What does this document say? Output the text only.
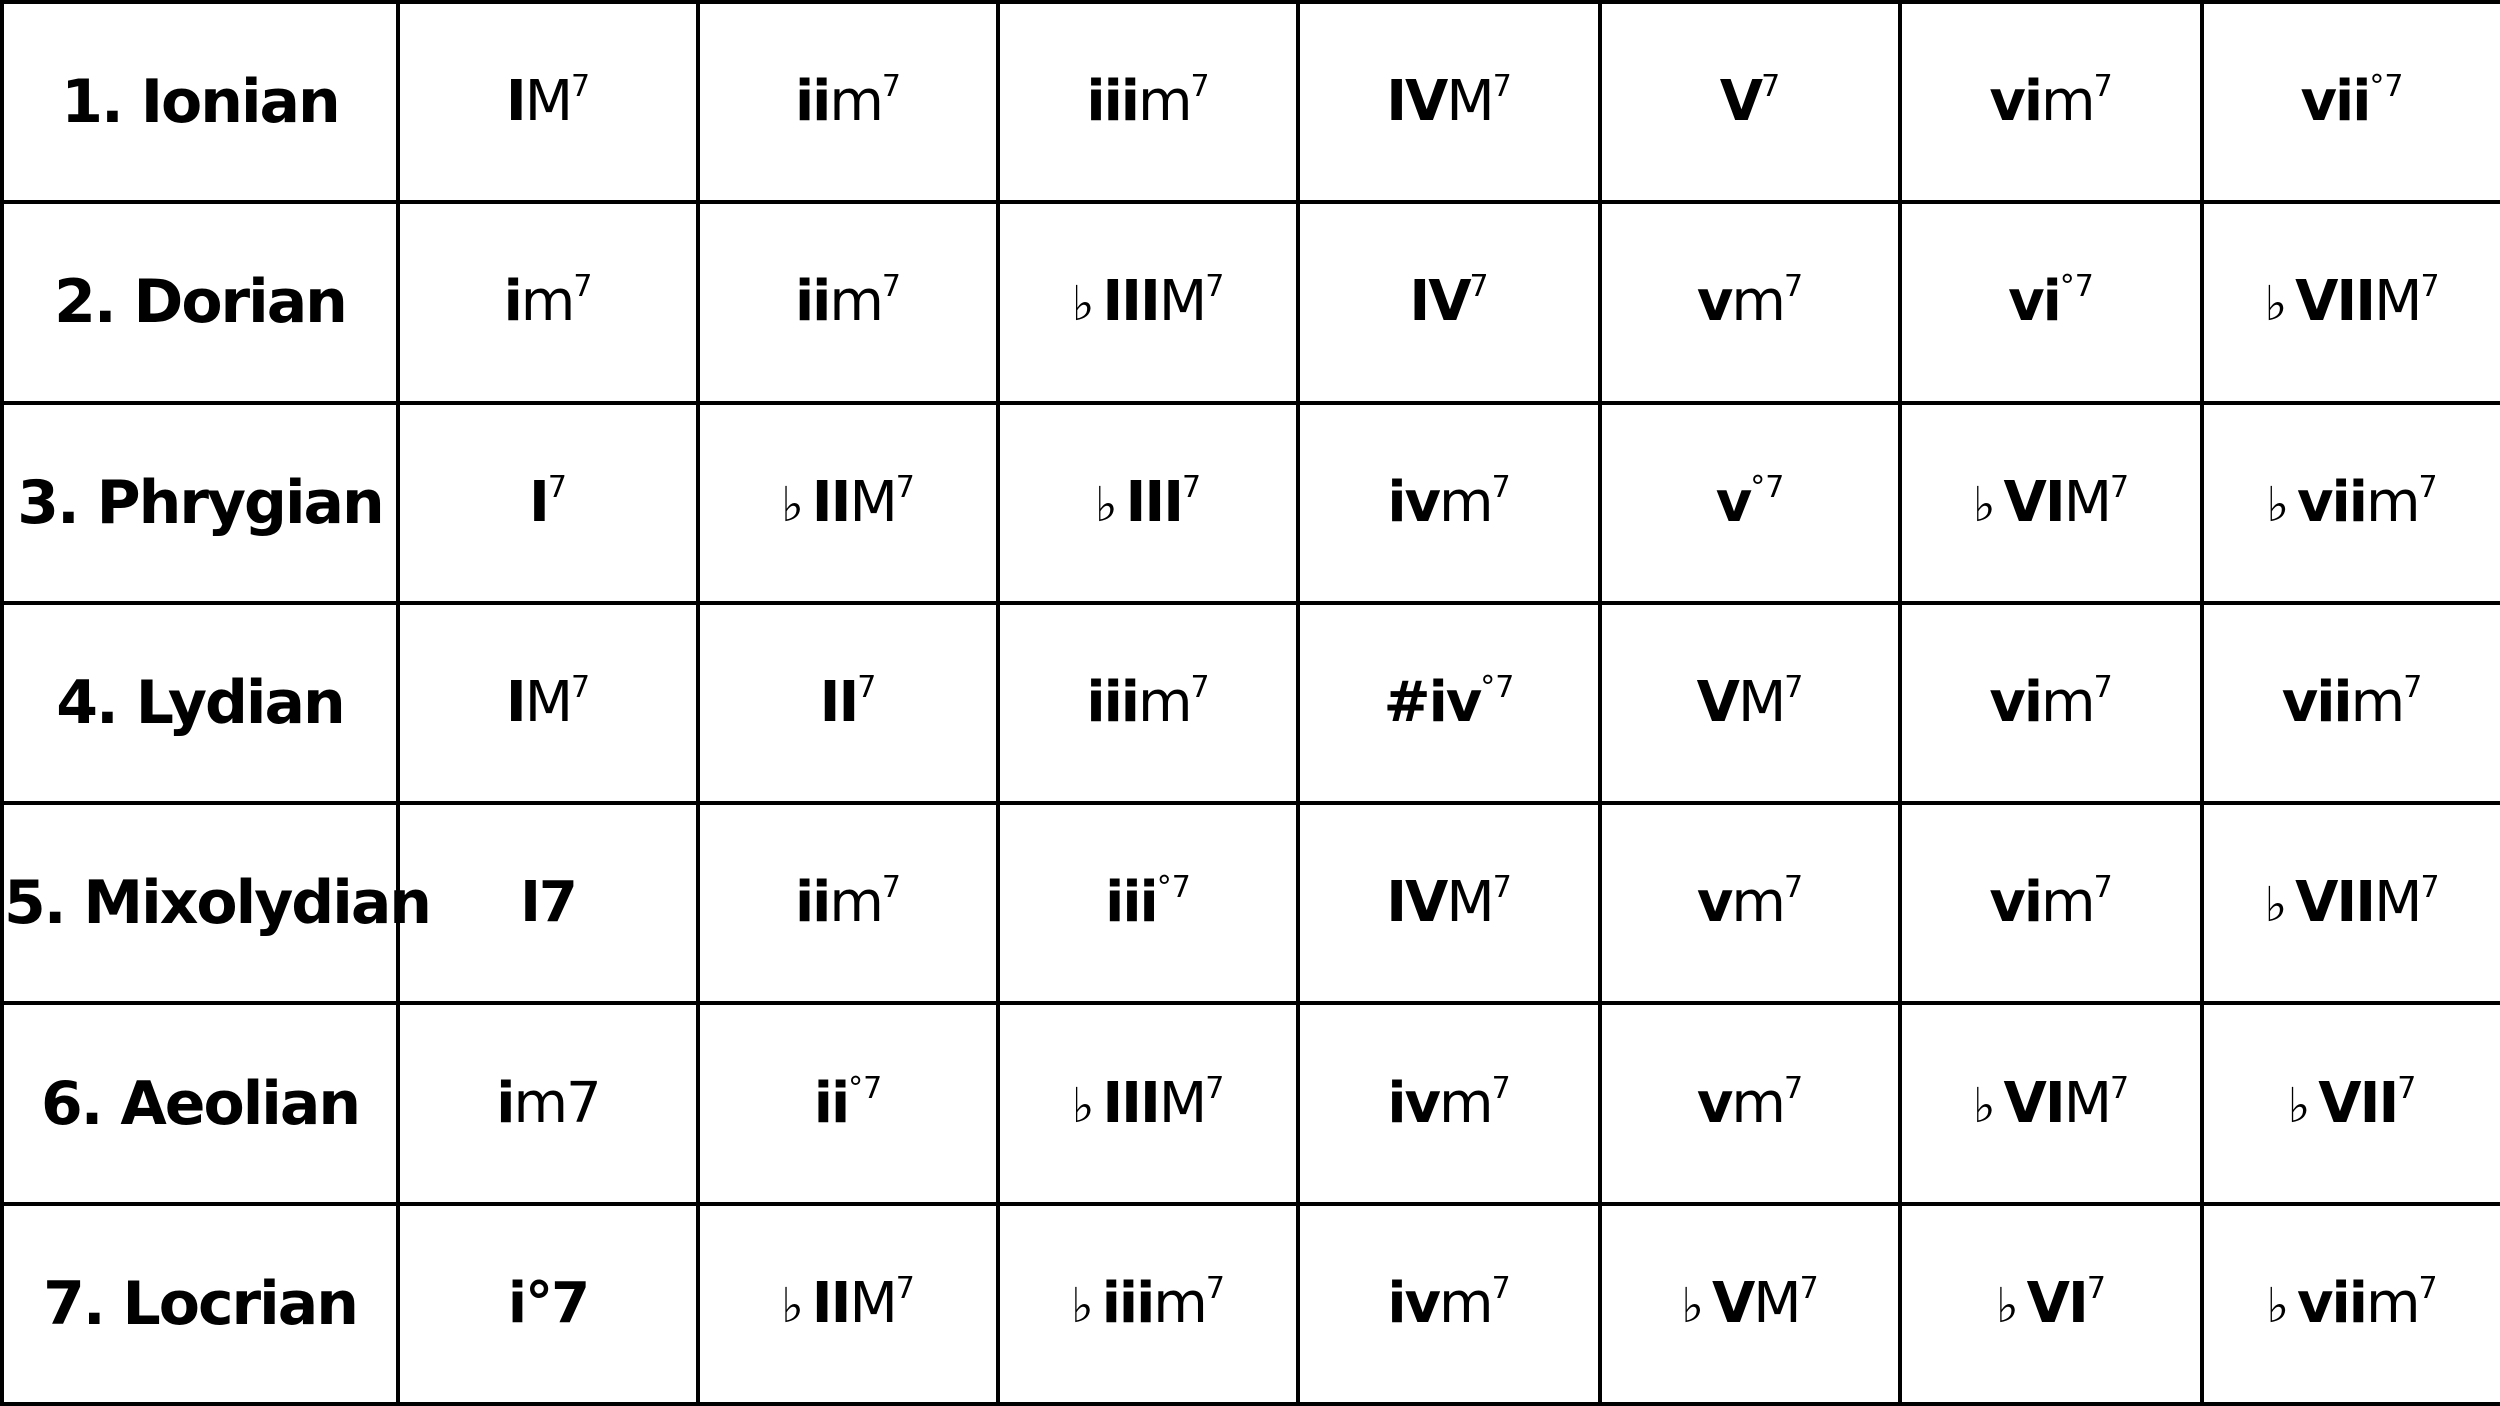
1. Ionian	$IM^7$	iim$^7$	iiim$^7$	IVM$^7$	$V^7$	vim$^7$	vii$^{^\circ 7}$
2. Dorian	$im^7$	iim$^7$	♭ IIIM$^7$	$IV^7$	$vm^7$	$vi^{^\circ 7}$	♭ VIIM$^7$
3. Phrygian	$I^7$	♭ IIM$^7$	♭ III$^7$	ivm$^7$	$v^{^\circ 7}$	♭ VIM$^7$	♭ viim$^7$
4. Lydian	$IM^7$	$II^7$	iiim$^7$	$\#iv^{^\circ 7}$	$VM^7$	vim$^7$	viim$^7$
5. Mixolydian	I7	iim$^7$	iii$^{^\circ 7}$	IVM$^7$	$vm^7$	vim$^7$	♭ VIIM$^7$
6. Aeolian	im7	$ii^{^\circ 7}$	♭ IIIM$^7$	ivm$^7$	$vm^7$	♭ VIM$^7$	♭ VII$^7$
7. Locrian	i°7	♭ IIM$^7$	♭ iiim$^7$	ivm$^7$	♭ $VM^7$	♭ $VI^7$	♭ viim$^7$
